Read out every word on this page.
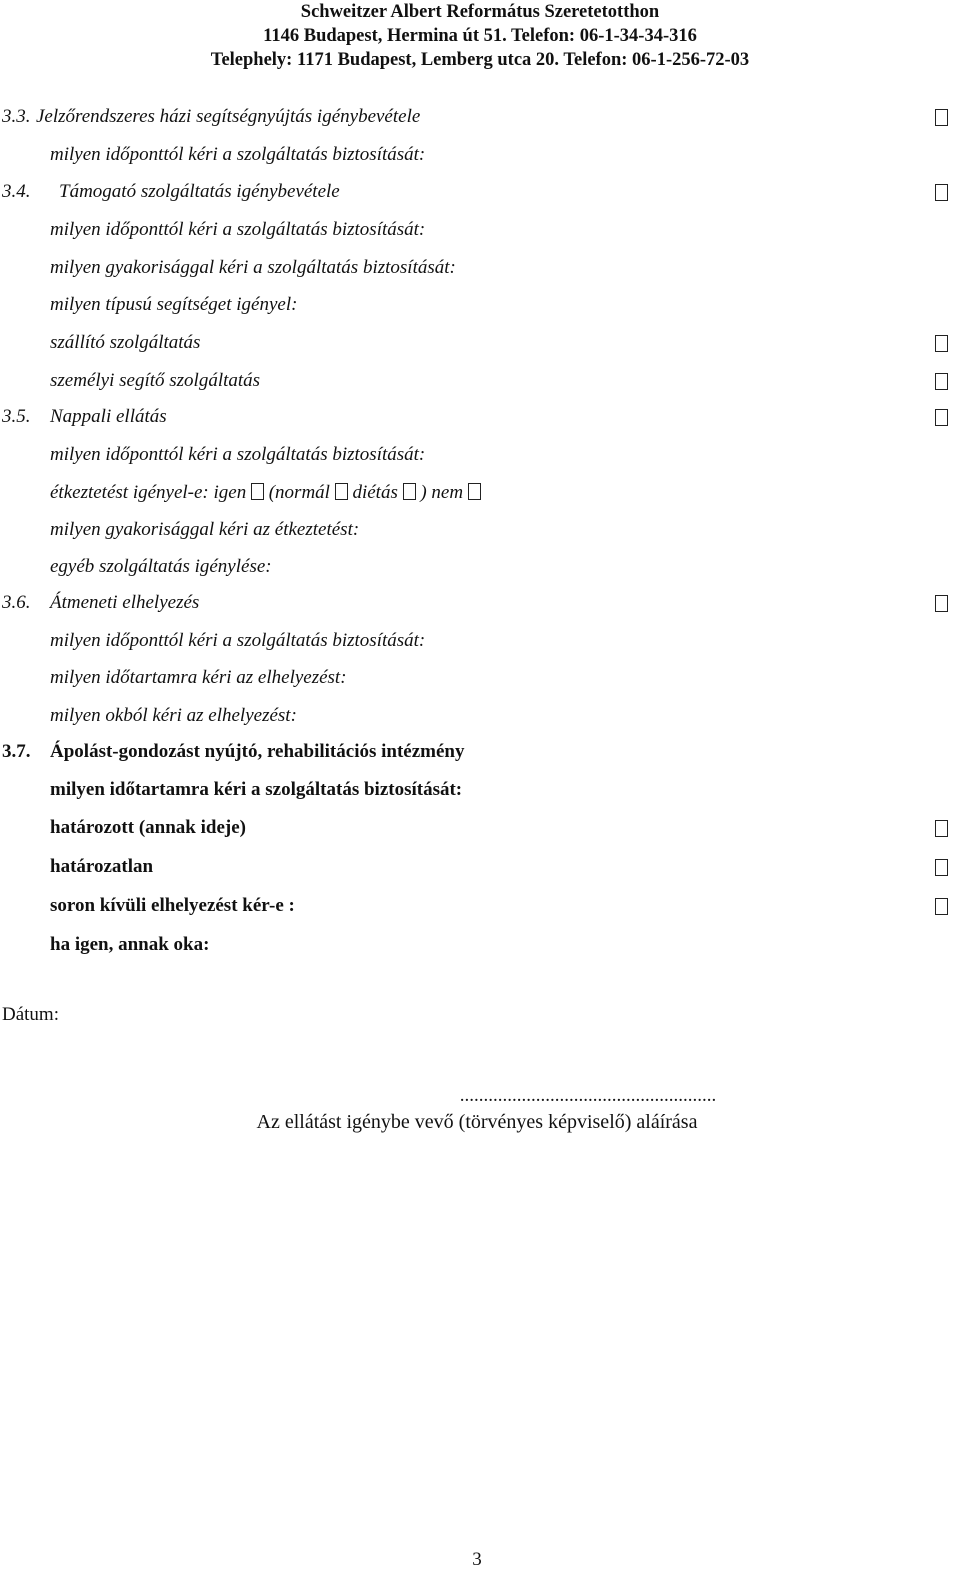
Schweitzer Albert Református Szeretetotthon
1146 Budapest, Hermina út 51. Telefon: 06-1-34-34-316
Telephely: 1171 Budapest, Lemberg utca 20. Telefon: 06-1-256-72-03
3.3. Jelzőrendszeres házi segítségnyújtás igénybevétele
milyen időponttól kéri a szolgáltatás biztosítását:
3.4. Támogató szolgáltatás igénybevétele
milyen időponttól kéri a szolgáltatás biztosítását:
milyen gyakorisággal kéri a szolgáltatás biztosítását:
milyen típusú segítséget igényel:
szállító szolgáltatás
személyi segítő szolgáltatás
3.5. Nappali ellátás
milyen időponttól kéri a szolgáltatás biztosítását:
étkeztetést igényel-e: igen (normál diétás ) nem
milyen gyakorisággal kéri az étkeztetést:
egyéb szolgáltatás igénylése:
3.6. Átmeneti elhelyezés
milyen időponttól kéri a szolgáltatás biztosítását:
milyen időtartamra kéri az elhelyezést:
milyen okból kéri az elhelyezést:
3.7. Ápolást-gondozást nyújtó, rehabilitációs intézmény
milyen időtartamra kéri a szolgáltatás biztosítását:
határozott (annak ideje)
határozatlan
soron kívüli elhelyezést kér-e :
ha igen, annak oka:
Dátum:
......................................................
Az ellátást igénybe vevő (törvényes képviselő) aláírása
3
